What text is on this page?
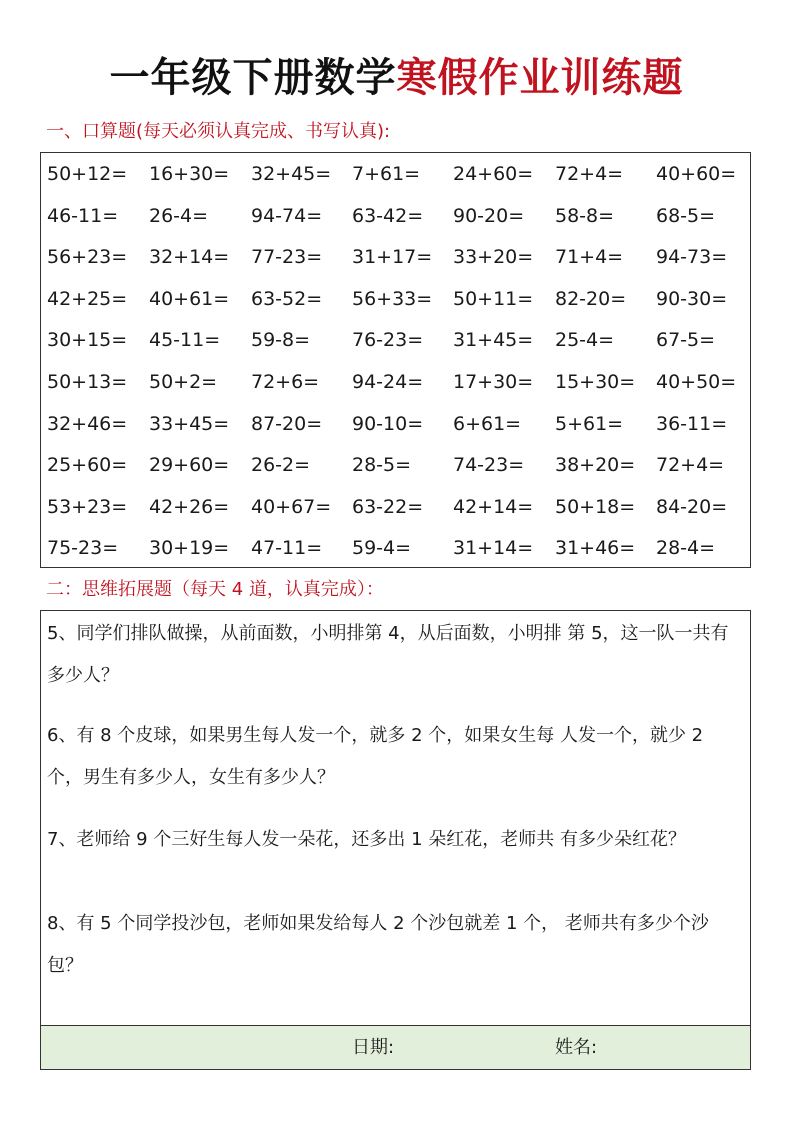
一年级下册数学寒假作业训练题
一、口算题(每天必须认真完成、书写认真):
50+12= 16+30= 32+45= 7+61= 24+60= 72+4= 40+60=
46-11= 26-4= 94-74= 63-42= 90-20= 58-8= 68-5=
56+23= 32+14= 77-23= 31+17= 33+20= 71+4= 94-73=
42+25= 40+61= 63-52= 56+33= 50+11= 82-20= 90-30=
30+15= 45-11= 59-8= 76-23= 31+45= 25-4= 67-5=
50+13= 50+2= 72+6= 94-24= 17+30= 15+30= 40+50=
32+46= 33+45= 87-20= 90-10= 6+61= 5+61= 36-11=
25+60= 29+60= 26-2= 28-5= 74-23= 38+20= 72+4=
53+23= 42+26= 40+67= 63-22= 42+14= 50+18= 84-20=
75-23= 30+19= 47-11= 59-4= 31+14= 31+46= 28-4=
二：思维拓展题（每天 4 道，认真完成）：
5、同学们排队做操，从前面数，小明排第 4，从后面数，小明排 第 5，这一队一共有多少人？
6、有 8 个皮球，如果男生每人发一个，就多 2 个，如果女生每 人发一个，就少 2 个，男生有多少人，女生有多少人？
7、老师给 9 个三好生每人发一朵花，还多出 1 朵红花，老师共 有多少朵红花？
8、有 5 个同学投沙包，老师如果发给每人 2 个沙包就差 1 个， 老师共有多少个沙包？
日期:	姓名:
